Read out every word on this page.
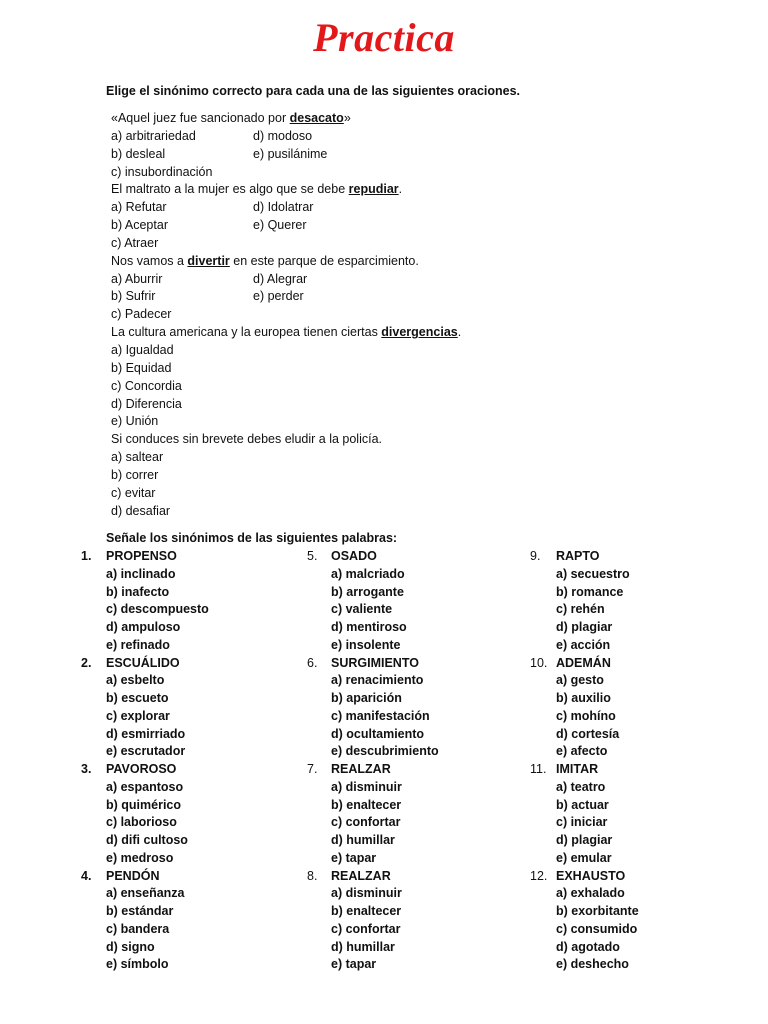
Practica
Elige el sinónimo correcto para cada una de las siguientes oraciones.
«Aquel juez fue sancionado por desacato»
a) arbitrariedad	d) modoso
b) desleal	e) pusilánime
c) insubordinación
El maltrato a la mujer es algo que se debe repudiar.
a) Refutar	d) Idolatrar
b) Aceptar	e) Querer
c) Atraer
Nos vamos a divertir en este parque de esparcimiento.
a) Aburrir	d) Alegrar
b) Sufrir	e) perder
c) Padecer
La cultura americana y la europea tienen ciertas divergencias.
a) Igualdad
b) Equidad
c) Concordia
d) Diferencia
e) Unión
Si conduces sin brevete debes eludir a la policía.
a) saltear
b) correr
c) evitar
d) desafiar
Señale los sinónimos de las siguientes palabras:
1. PROPENSO
a) inclinado
b) inafecto
c) descompuesto
d) ampuloso
e) refinado
2. ESCUÁLIDO
a) esbelto
b) escueto
c) explorar
d) esmirriado
e) escrutador
3. PAVOROSO
a) espantoso
b) quimérico
c) laborioso
d) difi cultoso
e) medroso
4. PENDÓN
a) enseñanza
b) estándar
c) bandera
d) signo
e) símbolo
5. OSADO
a) malcriado
b) arrogante
c) valiente
d) mentiroso
e) insolente
6. SURGIMIENTO
a) renacimiento
b) aparición
c) manifestación
d) ocultamiento
e) descubrimiento
7. REALZAR
a) disminuir
b) enaltecer
c) confortar
d) humillar
e) tapar
8. REALZAR
a) disminuir
b) enaltecer
c) confortar
d) humillar
e) tapar
9. RAPTO
a) secuestro
b) romance
c) rehén
d) plagiar
e) acción
10. ADEMÁN
a) gesto
b) auxilio
c) mohíno
d) cortesía
e) afecto
11. IMITAR
a) teatro
b) actuar
c) iniciar
d) plagiar
e) emular
12. EXHAUSTO
a) exhalado
b) exorbitante
c) consumido
d) agotado
e) deshecho
